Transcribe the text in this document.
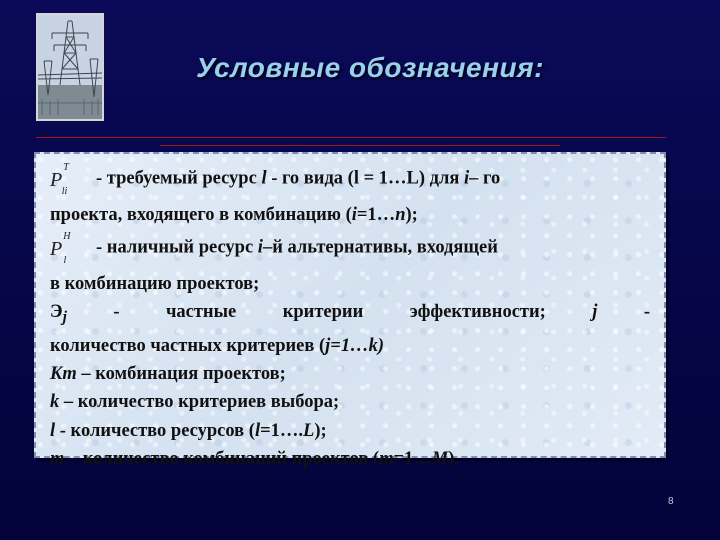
Условные обозначения:
$P^T_{li}-$ требуемый ресурс l - го вида (l = 1…L) для i– го
проекта, входящего в комбинацию (i=1…n);
$P^H_l-$ наличный ресурс i–й альтернативы, входящей
в комбинацию проектов;
$Э_j$	-	частные	критерии	эффективности;	j	-
количество частных критериев (j=1…k)
Km – комбинация проектов;
k – количество критериев выбора;
l - количество ресурсов (l=1….L);
m – количество комбинаций проектов (m=1…M).
8
